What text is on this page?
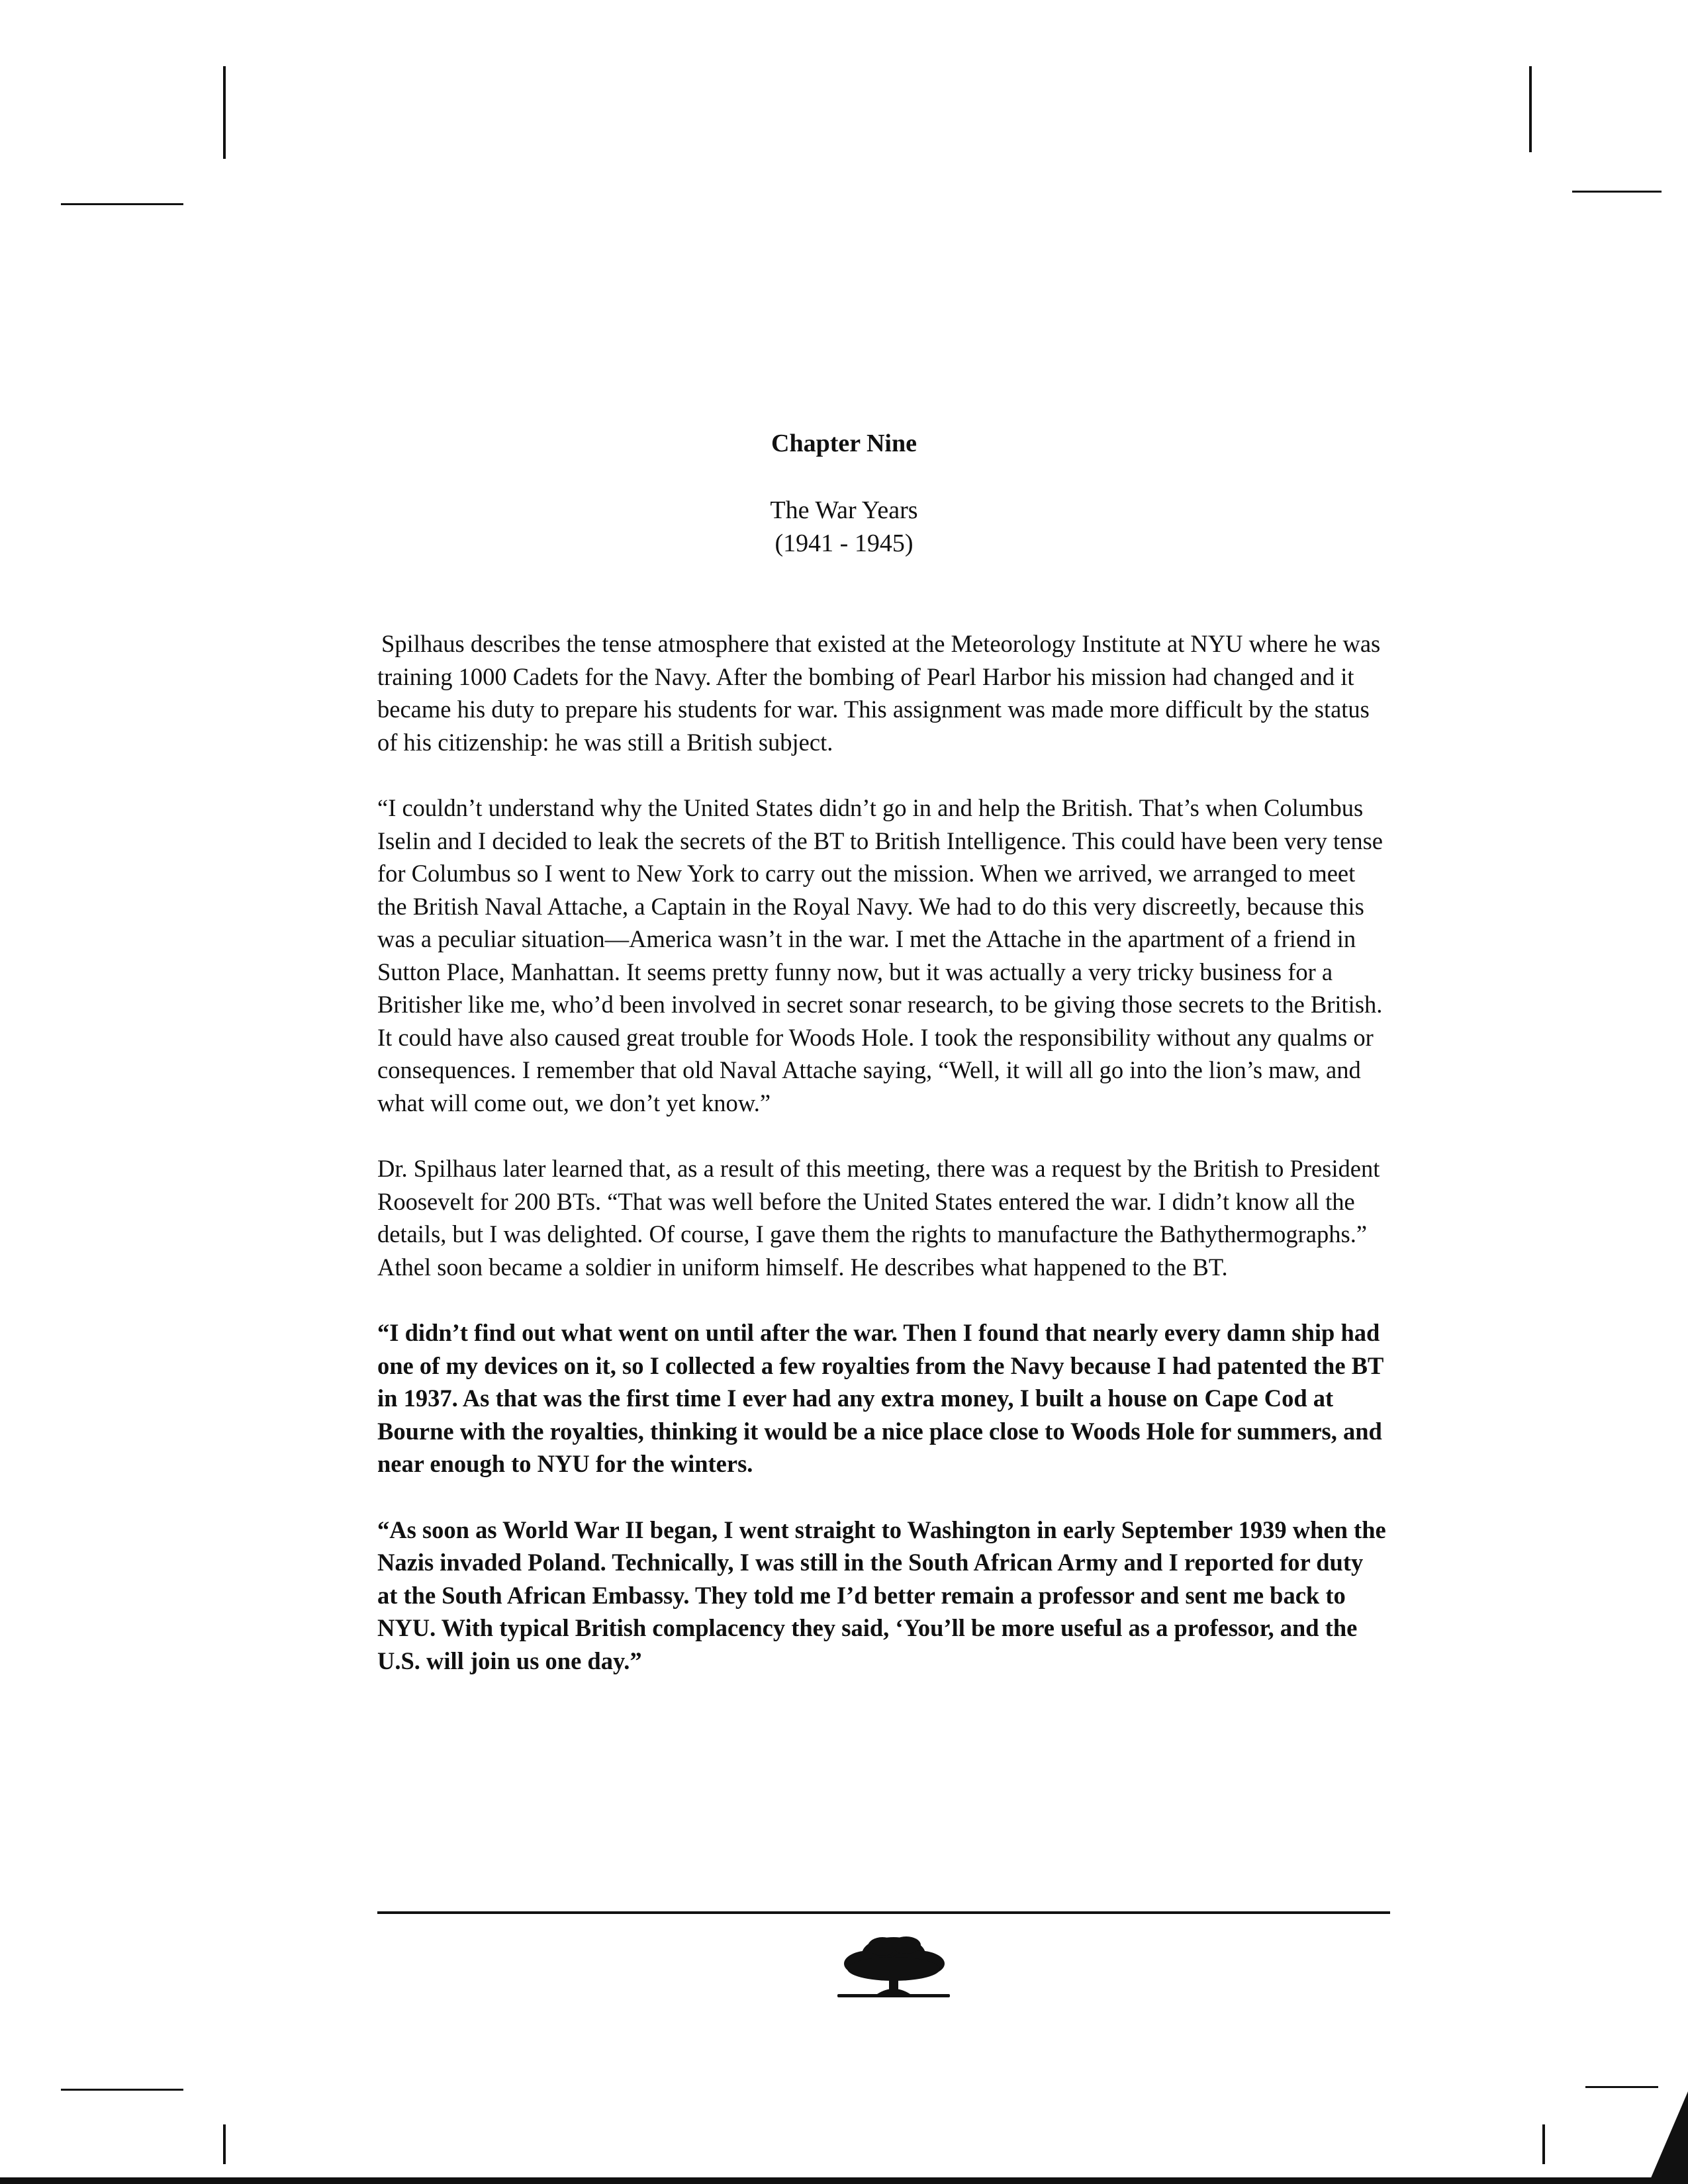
Chapter Nine
The War Years
(1941 - 1945)

Spilhaus describes the tense atmosphere that existed at the Meteorology Institute at NYU where he was training 1000 Cadets for the Navy. After the bombing of Pearl Harbor his mission had changed and it became his duty to prepare his students for war. This assignment was made more difficult by the status of his citizenship: he was still a British subject.

“I couldn’t understand why the United States didn’t go in and help the British. That’s when Columbus Iselin and I decided to leak the secrets of the BT to British Intelligence. This could have been very tense for Columbus so I went to New York to carry out the mission. When we arrived, we arranged to meet the British Naval Attache, a Captain in the Royal Navy. We had to do this very discreetly, because this was a peculiar situation—America wasn’t in the war. I met the Attache in the apartment of a friend in Sutton Place, Manhattan. It seems pretty funny now, but it was actually a very tricky business for a Britisher like me, who’d been involved in secret sonar research, to be giving those secrets to the British. It could have also caused great trouble for Woods Hole. I took the responsibility without any qualms or consequences. I remember that old Naval Attache saying, “Well, it will all go into the lion’s maw, and what will come out, we don’t yet know.”

Dr. Spilhaus later learned that, as a result of this meeting, there was a request by the British to President Roosevelt for 200 BTs. “That was well before the United States entered the war. I didn’t know all the details, but I was delighted. Of course, I gave them the rights to manufacture the Bathythermographs.” Athel soon became a soldier in uniform himself. He describes what happened to the BT.

“I didn’t find out what went on until after the war. Then I found that nearly every damn ship had one of my devices on it, so I collected a few royalties from the Navy because I had patented the BT in 1937. As that was the first time I ever had any extra money, I built a house on Cape Cod at Bourne with the royalties, thinking it would be a nice place close to Woods Hole for summers, and near enough to NYU for the winters.

“As soon as World War II began, I went straight to Washington in early September 1939 when the Nazis invaded Poland. Technically, I was still in the South African Army and I reported for duty at the South African Embassy. They told me I’d better remain a professor and sent me back to NYU. With typical British complacency they said, ‘You’ll be more useful as a professor, and the U.S. will join us one day.”
